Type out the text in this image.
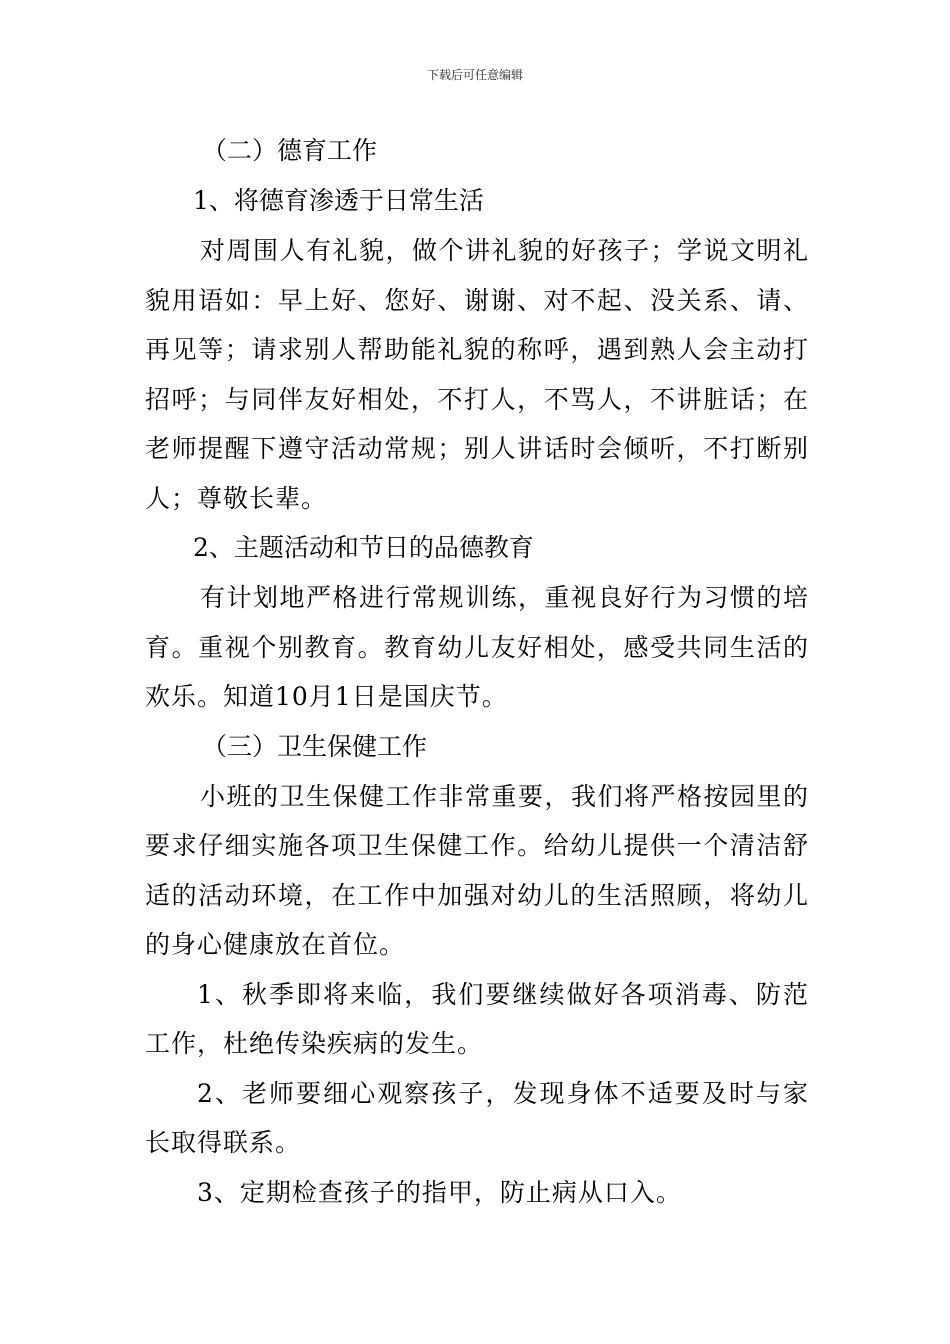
下载后可任意编辑

（二）德育工作

1、将德育渗透于日常生活

对周围人有礼貌，做个讲礼貌的好孩子；学说文明礼貌用语如：早上好、您好、谢谢、对不起、没关系、请、再见等；请求别人帮助能礼貌的称呼，遇到熟人会主动打招呼；与同伴友好相处，不打人，不骂人，不讲脏话；在老师提醒下遵守活动常规；别人讲话时会倾听，不打断别人；尊敬长辈。

2、主题活动和节日的品德教育

有计划地严格进行常规训练，重视良好行为习惯的培育。重视个别教育。教育幼儿友好相处，感受共同生活的欢乐。知道10月1日是国庆节。

（三）卫生保健工作

小班的卫生保健工作非常重要，我们将严格按园里的要求仔细实施各项卫生保健工作。给幼儿提供一个清洁舒适的活动环境，在工作中加强对幼儿的生活照顾，将幼儿的身心健康放在首位。

1、秋季即将来临，我们要继续做好各项消毒、防范工作，杜绝传染疾病的发生。

2、老师要细心观察孩子，发现身体不适要及时与家长取得联系。

3、定期检查孩子的指甲，防止病从口入。
